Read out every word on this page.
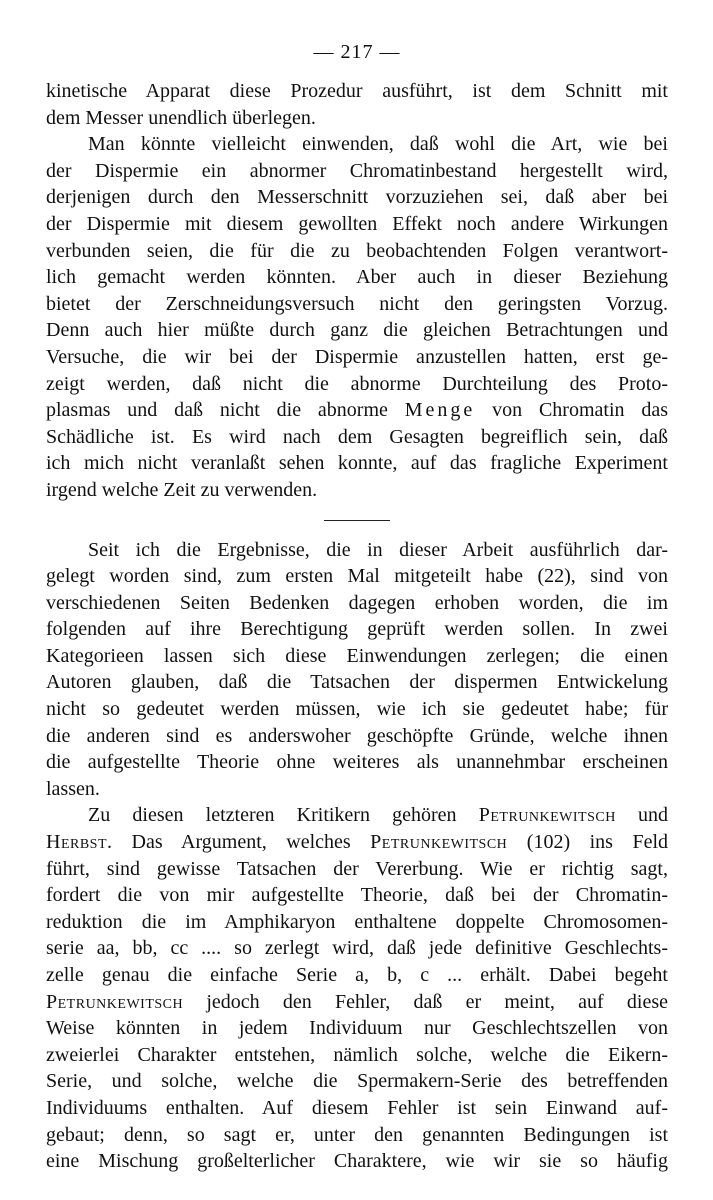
— 217 —
kinetische Apparat diese Prozedur ausführt, ist dem Schnitt mit
dem Messer unendlich überlegen.
Man könnte vielleicht einwenden, daß wohl die Art, wie bei
der Dispermie ein abnormer Chromatinbestand hergestellt wird,
derjenigen durch den Messerschnitt vorzuziehen sei, daß aber bei
der Dispermie mit diesem gewollten Effekt noch andere Wirkungen
verbunden seien, die für die zu beobachtenden Folgen verantwort-
lich gemacht werden könnten. Aber auch in dieser Beziehung
bietet der Zerschneidungsversuch nicht den geringsten Vorzug.
Denn auch hier müßte durch ganz die gleichen Betrachtungen und
Versuche, die wir bei der Dispermie anzustellen hatten, erst ge-
zeigt werden, daß nicht die abnorme Durchteilung des Proto-
plasmas und daß nicht die abnorme Menge von Chromatin das
Schädliche ist. Es wird nach dem Gesagten begreiflich sein, daß
ich mich nicht veranlaßt sehen konnte, auf das fragliche Experiment
irgend welche Zeit zu verwenden.
Seit ich die Ergebnisse, die in dieser Arbeit ausführlich dar-
gelegt worden sind, zum ersten Mal mitgeteilt habe (22), sind von
verschiedenen Seiten Bedenken dagegen erhoben worden, die im
folgenden auf ihre Berechtigung geprüft werden sollen. In zwei
Kategorieen lassen sich diese Einwendungen zerlegen; die einen
Autoren glauben, daß die Tatsachen der dispermen Entwickelung
nicht so gedeutet werden müssen, wie ich sie gedeutet habe; für
die anderen sind es anderswoher geschöpfte Gründe, welche ihnen
die aufgestellte Theorie ohne weiteres als unannehmbar erscheinen
lassen.
Zu diesen letzteren Kritikern gehören Petrunkewitsch und
Herbst. Das Argument, welches Petrunkewitsch (102) ins Feld
führt, sind gewisse Tatsachen der Vererbung. Wie er richtig sagt,
fordert die von mir aufgestellte Theorie, daß bei der Chromatin-
reduktion die im Amphikaryon enthaltene doppelte Chromosomen-
serie aa, bb, cc .... so zerlegt wird, daß jede definitive Geschlechts-
zelle genau die einfache Serie a, b, c ... erhält. Dabei begeht
Petrunkewitsch jedoch den Fehler, daß er meint, auf diese
Weise könnten in jedem Individuum nur Geschlechtszellen von
zweierlei Charakter entstehen, nämlich solche, welche die Eikern-
Serie, und solche, welche die Spermakern-Serie des betreffenden
Individuums enthalten. Auf diesem Fehler ist sein Einwand auf-
gebaut; denn, so sagt er, unter den genannten Bedingungen ist
eine Mischung großelterlicher Charaktere, wie wir sie so häufig
